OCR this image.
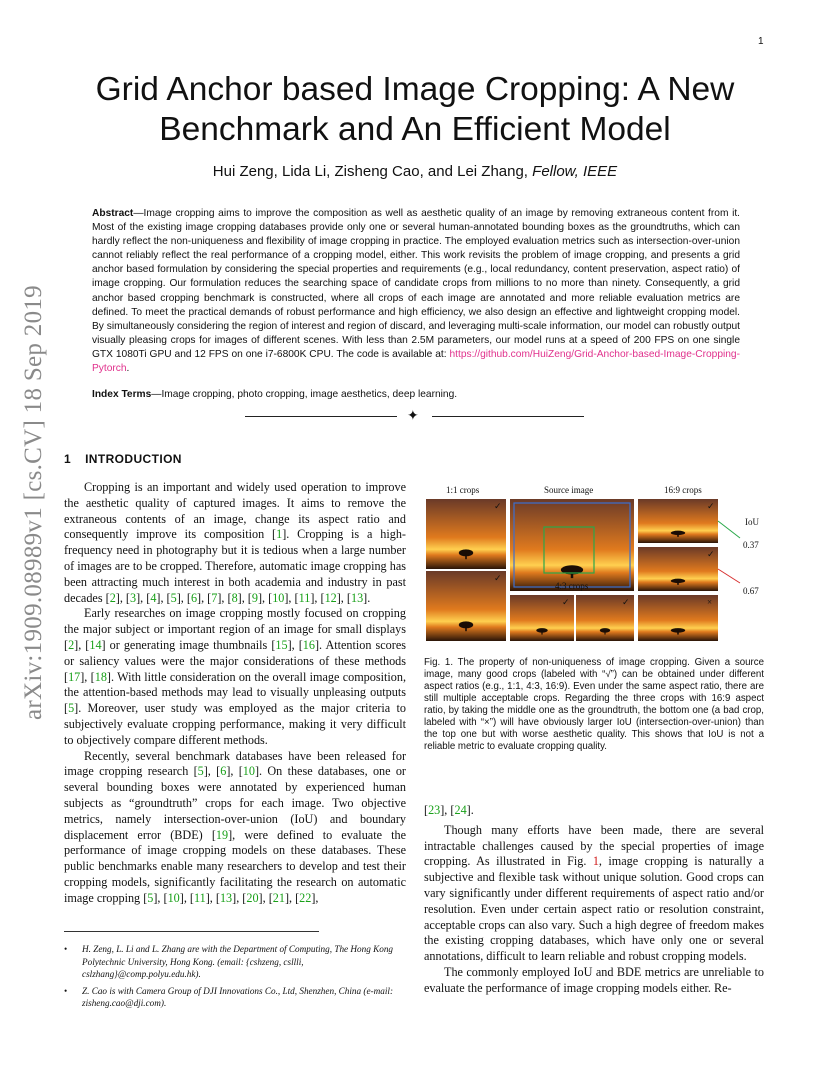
1
arXiv:1909.08989v1 [cs.CV] 18 Sep 2019
Grid Anchor based Image Cropping: A New Benchmark and An Efficient Model
Hui Zeng, Lida Li, Zisheng Cao, and Lei Zhang, Fellow, IEEE
Abstract—Image cropping aims to improve the composition as well as aesthetic quality of an image by removing extraneous content from it. Most of the existing image cropping databases provide only one or several human-annotated bounding boxes as the groundtruths, which can hardly reflect the non-uniqueness and flexibility of image cropping in practice. The employed evaluation metrics such as intersection-over-union cannot reliably reflect the real performance of a cropping model, either. This work revisits the problem of image cropping, and presents a grid anchor based formulation by considering the special properties and requirements (e.g., local redundancy, content preservation, aspect ratio) of image cropping. Our formulation reduces the searching space of candidate crops from millions to no more than ninety. Consequently, a grid anchor based cropping benchmark is constructed, where all crops of each image are annotated and more reliable evaluation metrics are defined. To meet the practical demands of robust performance and high efficiency, we also design an effective and lightweight cropping model. By simultaneously considering the region of interest and region of discard, and leveraging multi-scale information, our model can robustly output visually pleasing crops for images of different scenes. With less than 2.5M parameters, our model runs at a speed of 200 FPS on one single GTX 1080Ti GPU and 12 FPS on one i7-6800K CPU. The code is available at: https://github.com/HuiZeng/Grid-Anchor-based-Image-Cropping-Pytorch.
Index Terms—Image cropping, photo cropping, image aesthetics, deep learning.
✦
1 INTRODUCTION

Cropping is an important and widely used operation to improve the aesthetic quality of captured images. It aims to remove the extraneous contents of an image, change its aspect ratio and consequently improve its composition [1]. Cropping is a high-frequency need in photography but it is tedious when a large number of images are to be cropped. Therefore, automatic image cropping has been attracting much interest in both academia and industry in past decades [2], [3], [4], [5], [6], [7], [8], [9], [10], [11], [12], [13].

Early researches on image cropping mostly focused on cropping the major subject or important region of an image for small displays [2], [14] or generating image thumbnails [15], [16]. Attention scores or saliency values were the major considerations of these methods [17], [18]. With little consideration on the overall image composition, the attention-based methods may lead to visually unpleasing outputs [5]. Moreover, user study was employed as the major criteria to subjectively evaluate cropping performance, making it very difficult to objectively compare different methods.

Recently, several benchmark databases have been released for image cropping research [5], [6], [10]. On these databases, one or several bounding boxes were annotated by experienced human subjects as “groundtruth” crops for each image. Two objective metrics, namely intersection-over-union (IoU) and boundary displacement error (BDE) [19], were defined to evaluate the performance of image cropping models on these databases. These public benchmarks enable many researchers to develop and test their cropping models, significantly facilitating the research on automatic image cropping [5], [10], [11], [13], [20], [21], [22],

•	H. Zeng, L. Li and L. Zhang are with the Department of Computing, The Hong Kong Polytechnic University, Hong Kong. (email: {cshzeng, csllli, cslzhang}@comp.polyu.edu.hk).
•	Z. Cao is with Camera Group of DJI Innovations Co., Ltd, Shenzhen, China (e-mail: zisheng.cao@dji.com).
1:1 crops	Source image	16:9 crops
IoU
0.37
0.67
4:3 crops
✓
✓
✓	✓
✓
✓
×
Fig. 1. The property of non-uniqueness of image cropping. Given a source image, many good crops (labeled with “√”) can be obtained under different aspect ratios (e.g., 1:1, 4:3, 16:9). Even under the same aspect ratio, there are still multiple acceptable crops. Regarding the three crops with 16:9 aspect ratio, by taking the middle one as the groundtruth, the bottom one (a bad crop, labeled with “×”) will have obviously larger IoU (intersection-over-union) than the top one but with worse aesthetic quality. This shows that IoU is not a reliable metric to evaluate cropping quality.

[23], [24].

Though many efforts have been made, there are several intractable challenges caused by the special properties of image cropping. As illustrated in Fig. 1, image cropping is naturally a subjective and flexible task without unique solution. Good crops can vary significantly under different requirements of aspect ratio and/or resolution. Even under certain aspect ratio or resolution constraint, acceptable crops can also vary. Such a high degree of freedom makes the existing cropping databases, which have only one or several annotations, difficult to learn reliable and robust cropping models.

The commonly employed IoU and BDE metrics are unreliable to evaluate the performance of image cropping models either. Re-
